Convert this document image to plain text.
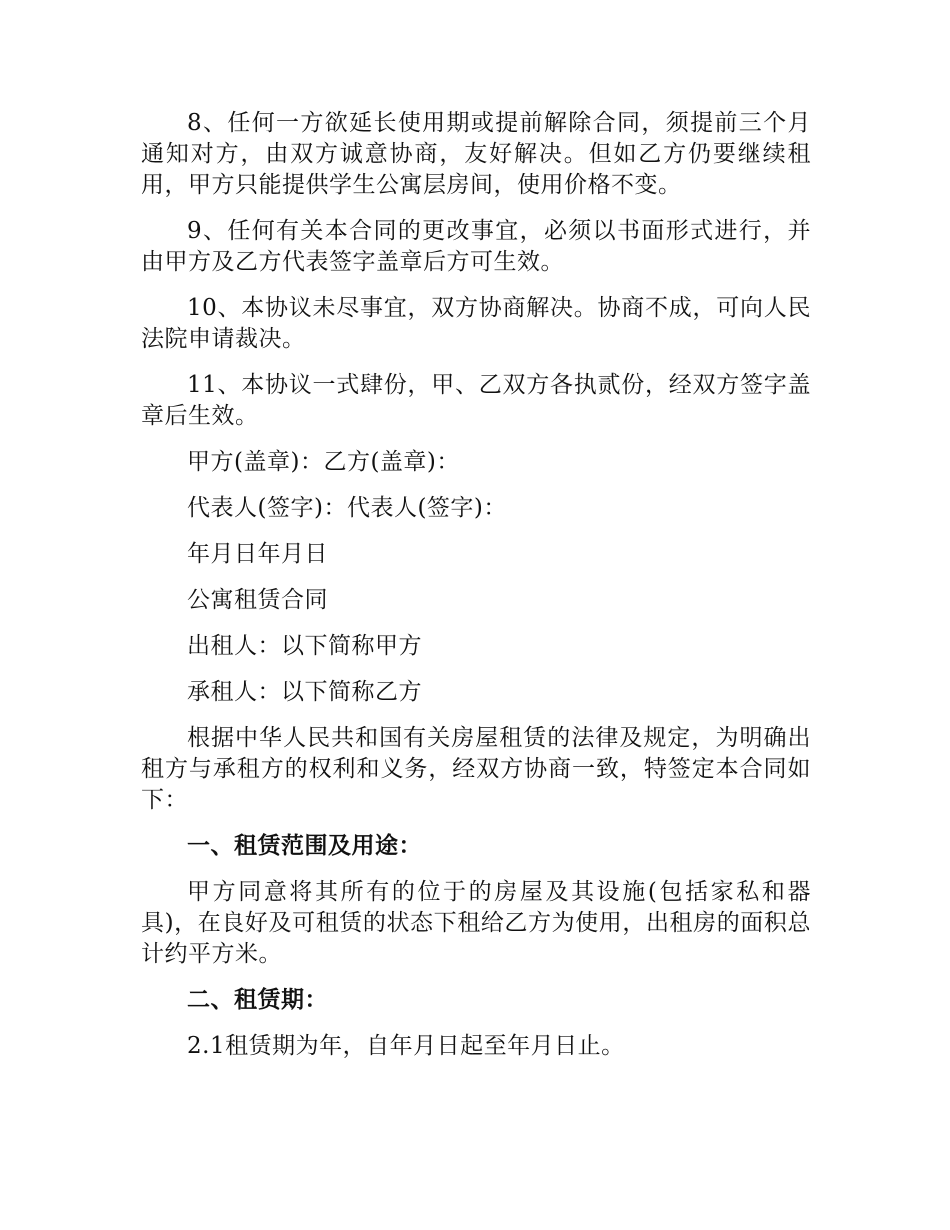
8、任何一方欲延长使用期或提前解除合同，须提前三个月通知对方，由双方诚意协商，友好解决。但如乙方仍要继续租用，甲方只能提供学生公寓层房间，使用价格不变。

9、任何有关本合同的更改事宜，必须以书面形式进行，并由甲方及乙方代表签字盖章后方可生效。

10、本协议未尽事宜，双方协商解决。协商不成，可向人民法院申请裁决。

11、本协议一式肆份，甲、乙双方各执贰份，经双方签字盖章后生效。

甲方(盖章)：乙方(盖章)：

代表人(签字)：代表人(签字)：

年月日年月日

公寓租赁合同

出租人：以下简称甲方

承租人：以下简称乙方

根据中华人民共和国有关房屋租赁的法律及规定，为明确出租方与承租方的权利和义务，经双方协商一致，特签定本合同如下：

一、租赁范围及用途：

甲方同意将其所有的位于的房屋及其设施(包括家私和器具)，在良好及可租赁的状态下租给乙方为使用，出租房的面积总计约平方米。

二、租赁期：

2.1租赁期为年，自年月日起至年月日止。
